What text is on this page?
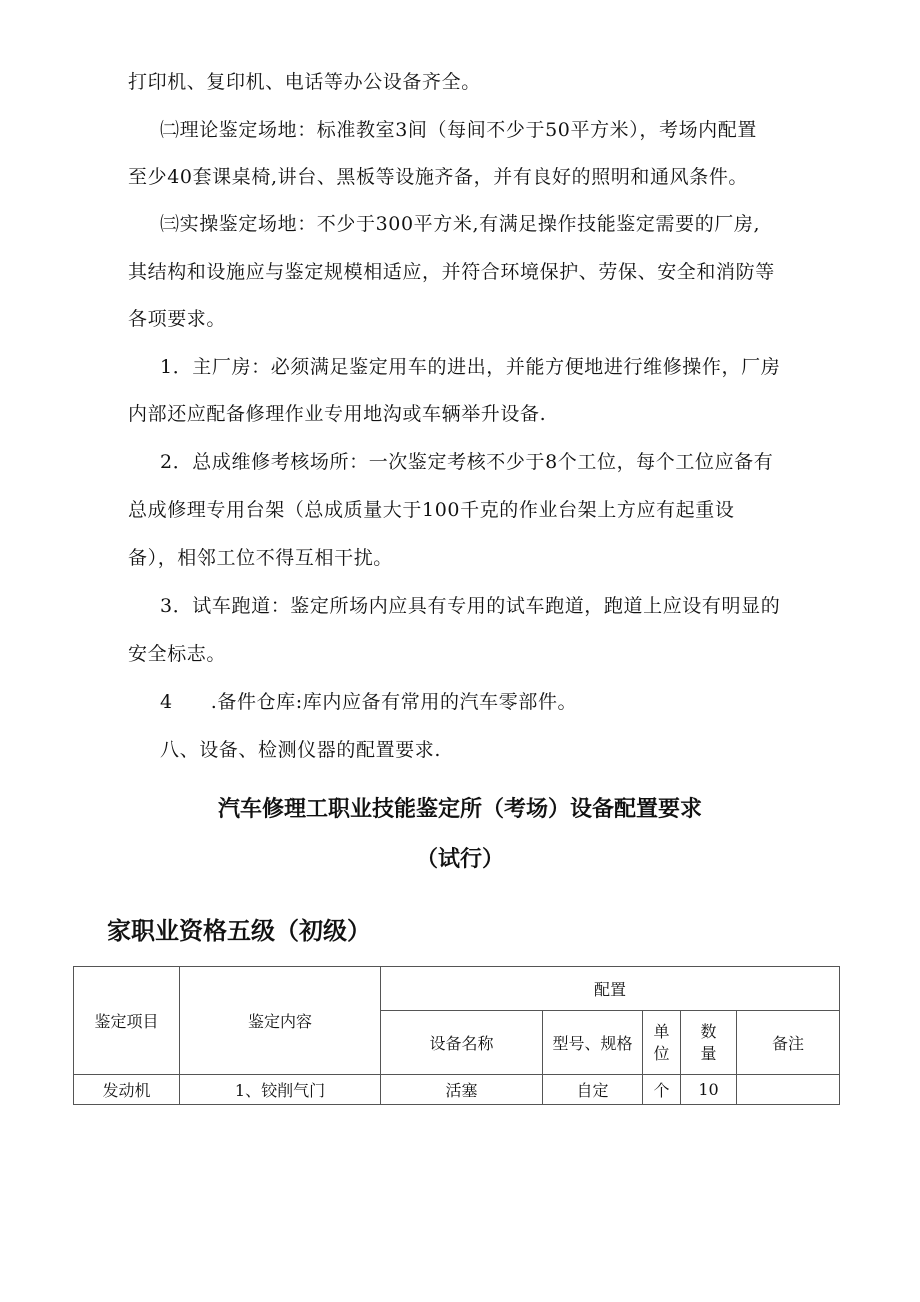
打印机、复印机、电话等办公设备齐全。
㈡理论鉴定场地：标准教室3间（每间不少于50平方米），考场内配置
至少40套课桌椅,讲台、黑板等设施齐备，并有良好的照明和通风条件。
㈢实操鉴定场地：不少于300平方米,有满足操作技能鉴定需要的厂房,
其结构和设施应与鉴定规模相适应，并符合环境保护、劳保、安全和消防等
各项要求。
1．主厂房：必须满足鉴定用车的进出，并能方便地进行维修操作，厂房
内部还应配备修理作业专用地沟或车辆举升设备.
2．总成维修考核场所：一次鉴定考核不少于8个工位，每个工位应备有
总成修理专用台架（总成质量大于100千克的作业台架上方应有起重设
备），相邻工位不得互相干扰。
3．试车跑道：鉴定所场内应具有专用的试车跑道，跑道上应设有明显的
安全标志。
4 .备件仓库:库内应备有常用的汽车零部件。
八、设备、检测仪器的配置要求.
汽车修理工职业技能鉴定所（考场）设备配置要求
（试行）
家职业资格五级（初级）
鉴定项目	鉴定内容	配置				
		设备名称	型号、规格	单位	数量	备注
发动机	1、铰削气门	活塞	自定	个	10	
